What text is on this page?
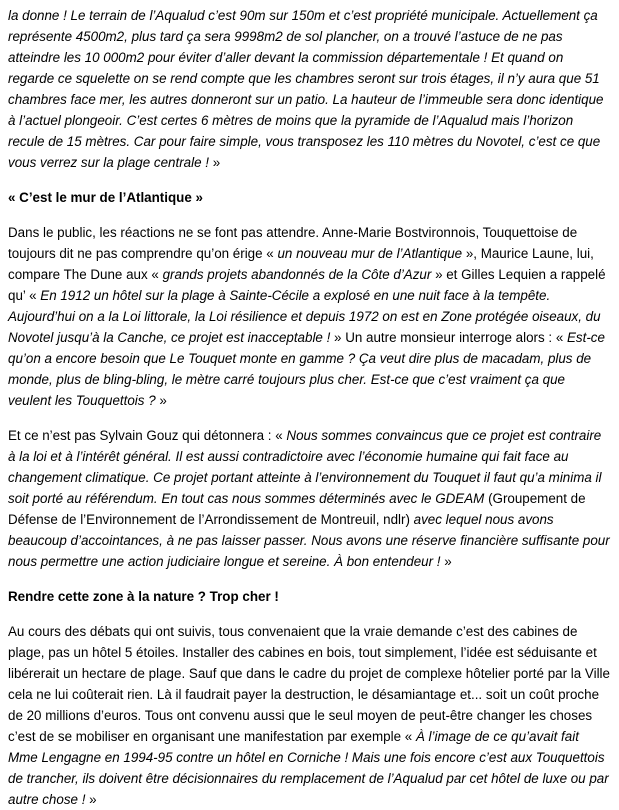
la donne ! Le terrain de l’Aqualud c’est 90m sur 150m et c’est propriété municipale. Actuellement ça représente 4500m2, plus tard ça sera 9998m2 de sol plancher, on a trouvé l’astuce de ne pas atteindre les 10 000m2 pour éviter d’aller devant la commission départementale ! Et quand on regarde ce squelette on se rend compte que les chambres seront sur trois étages, il n’y aura que 51 chambres face mer, les autres donneront sur un patio. La hauteur de l’immeuble sera donc identique à l’actuel plongeoir. C’est certes 6 mètres de moins que la pyramide de l’Aqualud mais l’horizon recule de 15 mètres. Car pour faire simple, vous transposez les 110 mètres du Novotel, c’est ce que vous verrez sur la plage centrale ! »

« C’est le mur de l’Atlantique »

Dans le public, les réactions ne se font pas attendre. Anne-Marie Bostvironnois, Touquettoise de toujours dit ne pas comprendre qu’on érige « un nouveau mur de l’Atlantique », Maurice Laune, lui, compare The Dune aux « grands projets abandonnés de la Côte d’Azur » et Gilles Lequien a rappelé qu’ « En 1912 un hôtel sur la plage à Sainte-Cécile a explosé en une nuit face à la tempête. Aujourd’hui on a la Loi littorale, la Loi résilience et depuis 1972 on est en Zone protégée oiseaux, du Novotel jusqu’à la Canche, ce projet est inacceptable ! » Un autre monsieur interroge alors : « Est-ce qu’on a encore besoin que Le Touquet monte en gamme ? Ça veut dire plus de macadam, plus de monde, plus de bling-bling, le mètre carré toujours plus cher. Est-ce que c’est vraiment ça que veulent les Touquettois ? »

Et ce n’est pas Sylvain Gouz qui détonnera : « Nous sommes convaincus que ce projet est contraire à la loi et à l’intérêt général. Il est aussi contradictoire avec l’économie humaine qui fait face au changement climatique. Ce projet portant atteinte à l’environnement du Touquet il faut qu’a minima il soit porté au référendum. En tout cas nous sommes déterminés avec le GDEAM (Groupement de Défense de l’Environnement de l’Arrondissement de Montreuil, ndlr) avec lequel nous avons beaucoup d’accointances, à ne pas laisser passer. Nous avons une réserve financière suffisante pour nous permettre une action judiciaire longue et sereine. À bon entendeur ! »

Rendre cette zone à la nature ? Trop cher !

Au cours des débats qui ont suivis, tous convenaient que la vraie demande c’est des cabines de plage, pas un hôtel 5 étoiles. Installer des cabines en bois, tout simplement, l’idée est séduisante et libérerait un hectare de plage. Sauf que dans le cadre du projet de complexe hôtelier porté par la Ville cela ne lui coûterait rien. Là il faudrait payer la destruction, le désamiantage et... soit un coût proche de 20 millions d’euros. Tous ont convenu aussi que le seul moyen de peut-être changer les choses c’est de se mobiliser en organisant une manifestation par exemple « À l’image de ce qu’avait fait Mme Lengagne en 1994-95 contre un hôtel en Corniche ! Mais une fois encore c’est aux Touquettois de trancher, ils doivent être décisionnaires du remplacement de l’Aqualud par cet hôtel de luxe ou par autre chose ! »
